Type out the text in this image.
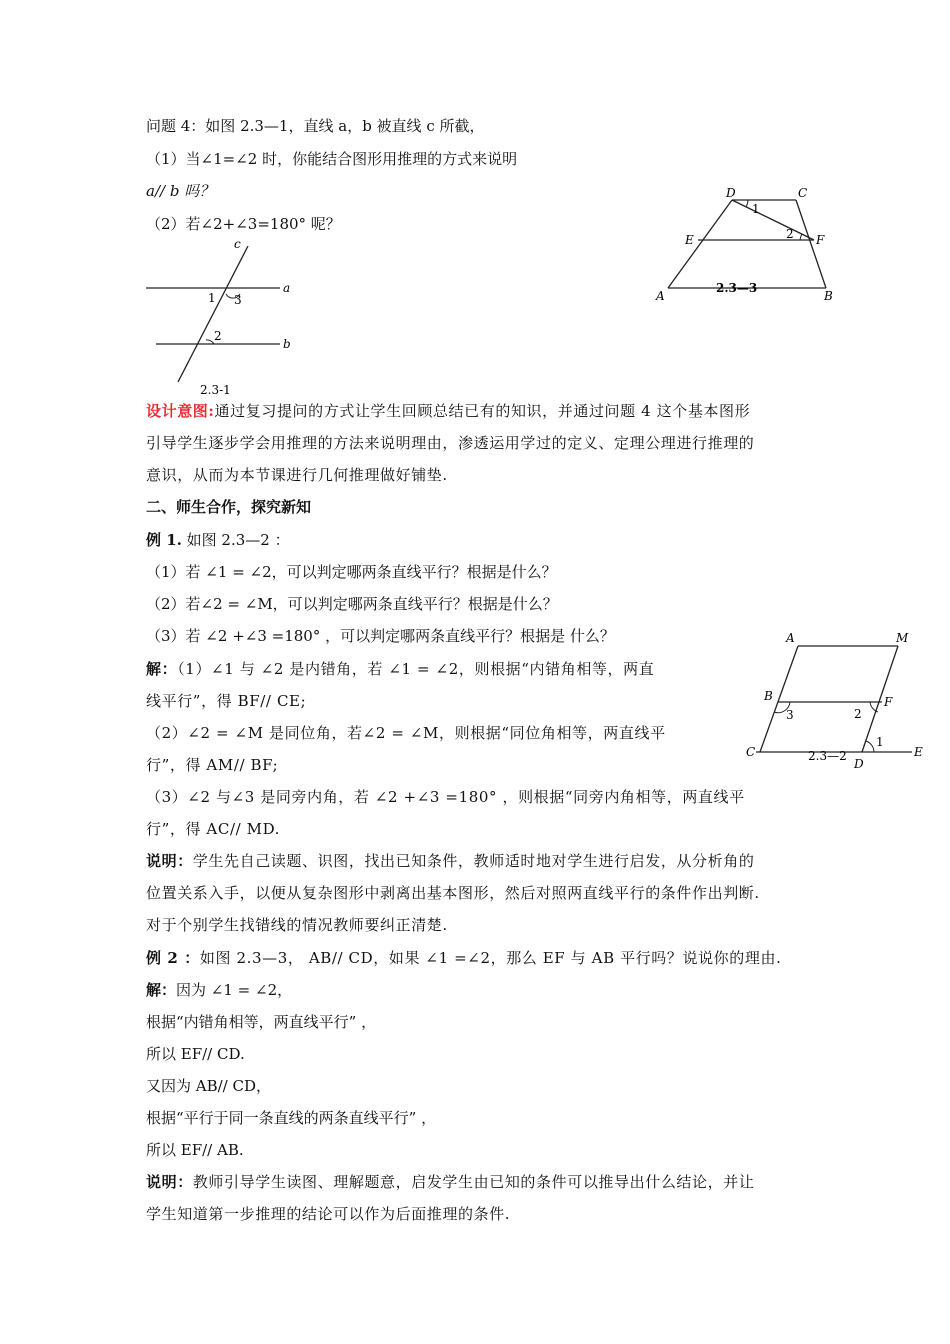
问题 4：如图 2.3—1，直线 a，b 被直线 c 所截，
（1）当∠1=∠2 时，你能结合图形用推理的方式来说明
a// b 吗？
（2）若∠2+∠3=180° 呢？
c
a
b
1 3
2
2.3-1
D	C
E	F
A	B
1
2
2.3—3
设计意图:通过复习提问的方式让学生回顾总结已有的知识，并通过问题 4 这个基本图形
引导学生逐步学会用推理的方法来说明理由，渗透运用学过的定义、定理公理进行推理的
意识，从而为本节课进行几何推理做好铺垫.
二、师生合作，探究新知
例 1. 如图 2.3—2 ：
（1）若 ∠1 = ∠2，可以判定哪两条直线平行？根据是什么？
（2）若∠2 = ∠M，可以判定哪两条直线平行？根据是什么？
（3）若 ∠2 +∠3 =180° ，可以判定哪两条直线平行？根据是 什么？
解：（1）∠1 与 ∠2 是内错角，若 ∠1 = ∠2，则根据“内错角相等，两直
线平行”，得 BF// CE;
（2）∠2 = ∠M 是同位角，若∠2 = ∠M，则根据“同位角相等，两直线平
行”，得 AM// BF;
（3）∠2 与∠3 是同旁内角，若 ∠2 +∠3 =180° ，则根据“同旁内角相等，两直线平
行”，得 AC// MD.
说明：学生先自己读题、识图，找出已知条件，教师适时地对学生进行启发，从分析角的
位置关系入手，以便从复杂图形中剥离出基本图形，然后对照两直线平行的条件作出判断.
对于个别学生找错线的情况教师要纠正清楚.
A	M
B	F
C
D
E
3	2
1
2.3—2
例 2 ：如图 2.3—3， AB// CD，如果 ∠1 =∠2，那么 EF 与 AB 平行吗？说说你的理由.
解：因为 ∠1 = ∠2，
根据“内错角相等，两直线平行” ，
所以 EF// CD.
又因为 AB// CD，
根据“平行于同一条直线的两条直线平行” ，
所以 EF// AB.
说明：教师引导学生读图、理解题意，启发学生由已知的条件可以推导出什么结论，并让
学生知道第一步推理的结论可以作为后面推理的条件.
